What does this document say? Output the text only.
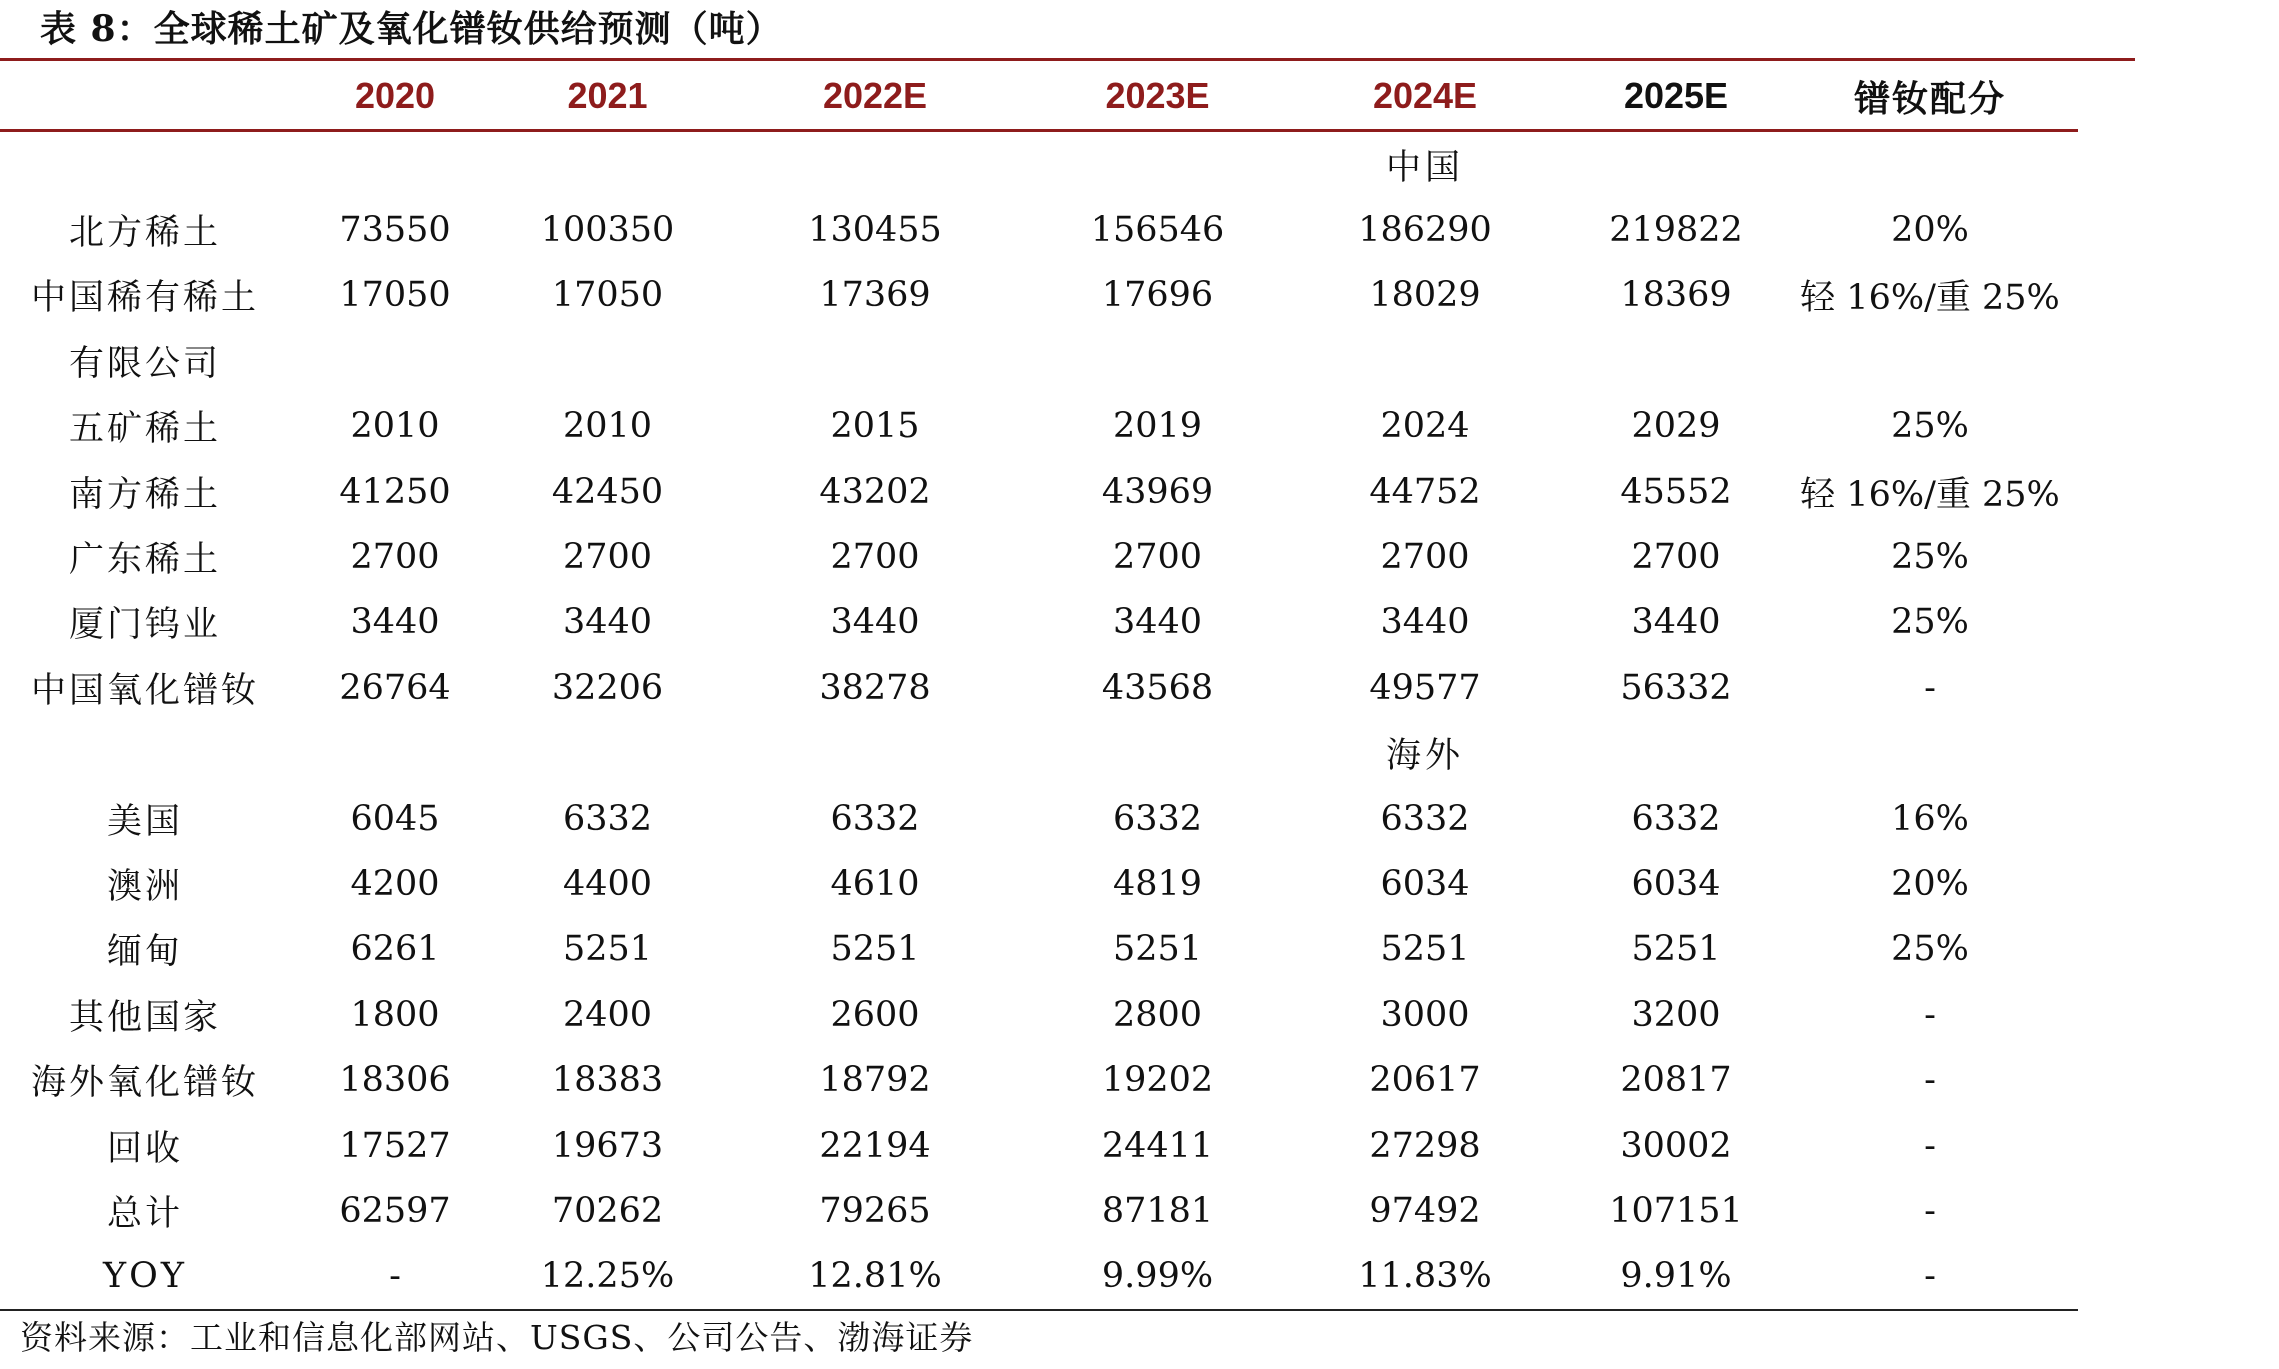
表 8：全球稀土矿及氧化镨钕供给预测（吨）
	2020	2021	2022E	2023E	2024E	2025E	镨钕配分
					中国		
北方稀土	73550	100350	130455	156546	186290	219822	20%
中国稀有稀土	17050	17050	17369	17696	18029	18369	轻 16%/重 25%
有限公司							
五矿稀土	2010	2010	2015	2019	2024	2029	25%
南方稀土	41250	42450	43202	43969	44752	45552	轻 16%/重 25%
广东稀土	2700	2700	2700	2700	2700	2700	25%
厦门钨业	3440	3440	3440	3440	3440	3440	25%
中国氧化镨钕	26764	32206	38278	43568	49577	56332	-
					海外		
美国	6045	6332	6332	6332	6332	6332	16%
澳洲	4200	4400	4610	4819	6034	6034	20%
缅甸	6261	5251	5251	5251	5251	5251	25%
其他国家	1800	2400	2600	2800	3000	3200	-
海外氧化镨钕	18306	18383	18792	19202	20617	20817	-
回收	17527	19673	22194	24411	27298	30002	-
总计	62597	70262	79265	87181	97492	107151	-
YOY	-	12.25%	12.81%	9.99%	11.83%	9.91%	-
资料来源：工业和信息化部网站、USGS、公司公告、渤海证券
